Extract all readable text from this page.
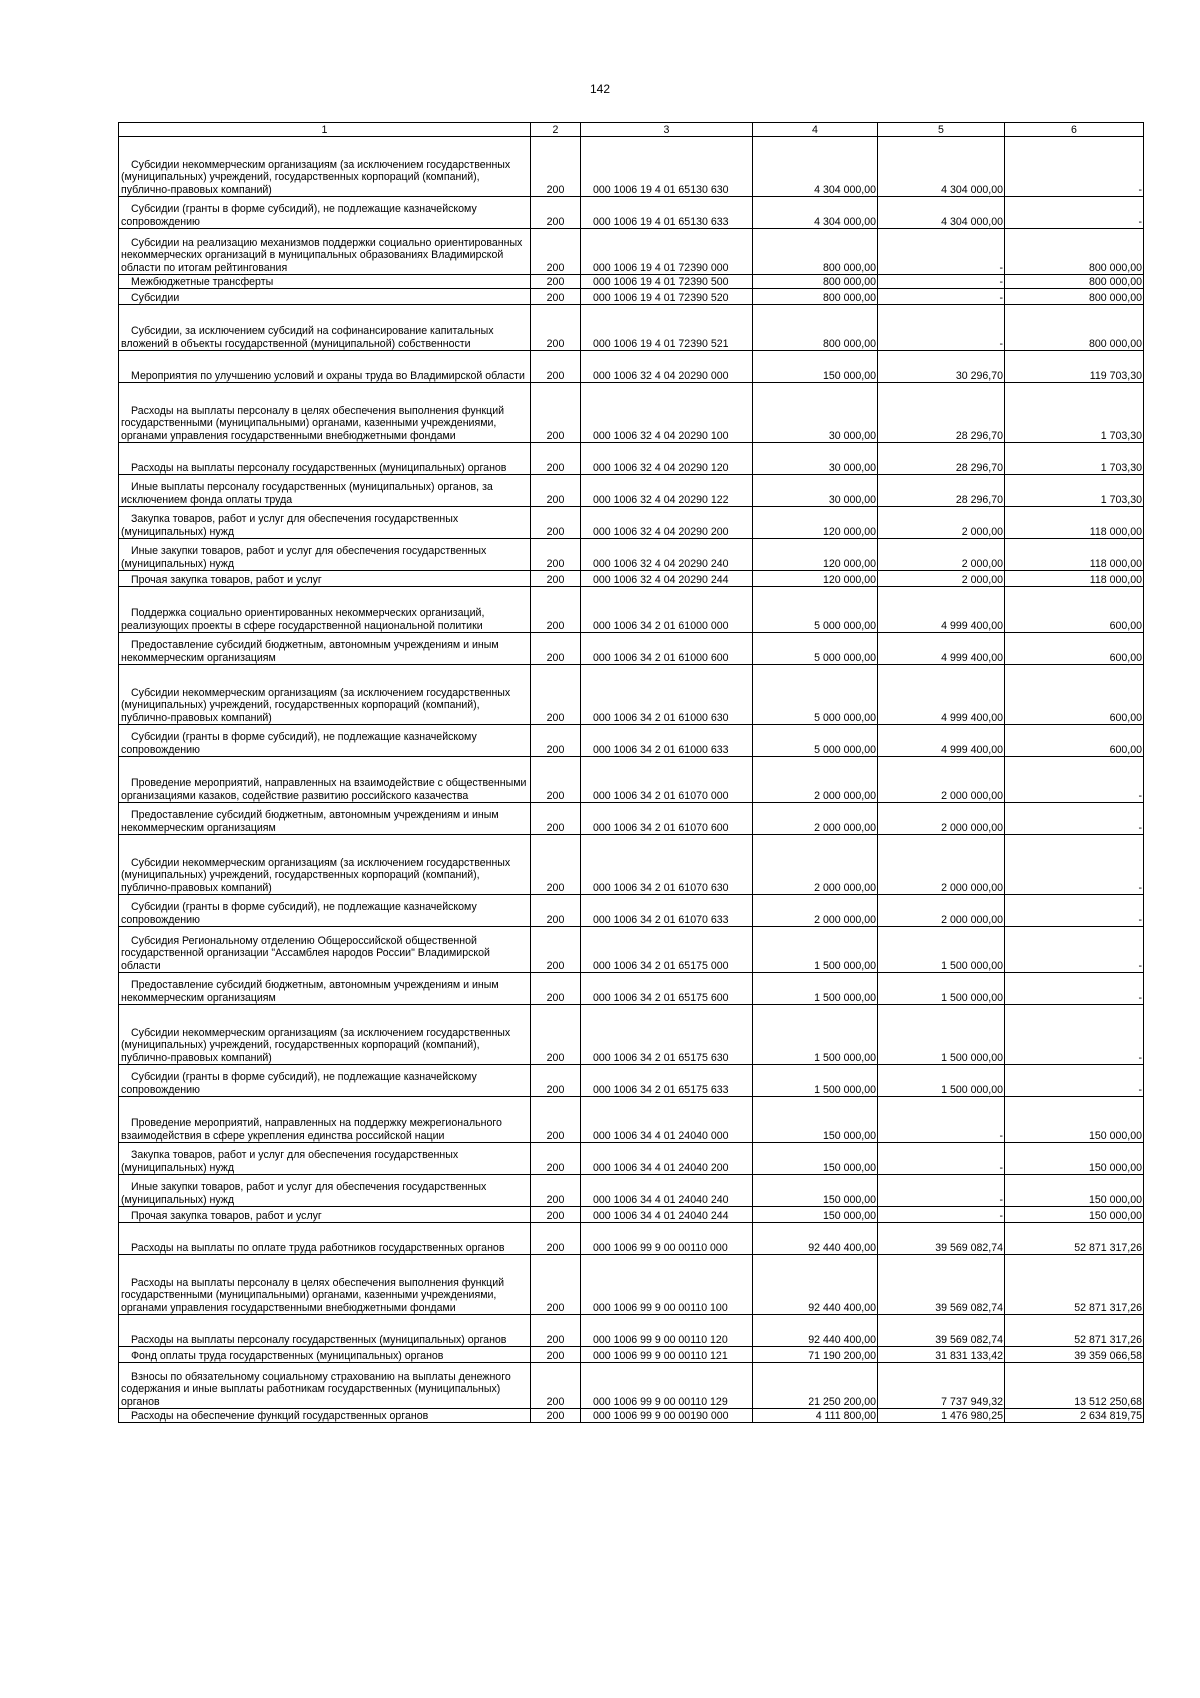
142
1	2	3	4	5	6

Субсидии некоммерческим организациям (за исключением государственных (муниципальных) учреждений, государственных корпораций (компаний), публично-правовых компаний)	200	000 1006 19 4 01 65130 630	4 304 000,00	4 304 000,00	-

Субсидии (гранты в форме субсидий), не подлежащие казначейскому сопровождению	200	000 1006 19 4 01 65130 633	4 304 000,00	4 304 000,00	-

Субсидии на реализацию механизмов поддержки социально ориентированных некоммерческих организаций в муниципальных образованиях Владимирской области по итогам рейтингования	200	000 1006 19 4 01 72390 000	800 000,00	-	800 000,00

Межбюджетные трансферты	200	000 1006 19 4 01 72390 500	800 000,00	-	800 000,00

Субсидии	200	000 1006 19 4 01 72390 520	800 000,00	-	800 000,00

Субсидии, за исключением субсидий на софинансирование капитальных вложений в объекты государственной (муниципальной) собственности	200	000 1006 19 4 01 72390 521	800 000,00	-	800 000,00

Мероприятия по улучшению условий и охраны труда во Владимирской области	200	000 1006 32 4 04 20290 000	150 000,00	30 296,70	119 703,30

Расходы на выплаты персоналу в целях обеспечения выполнения функций государственными (муниципальными) органами, казенными учреждениями, органами управления государственными внебюджетными фондами	200	000 1006 32 4 04 20290 100	30 000,00	28 296,70	1 703,30

Расходы на выплаты персоналу государственных (муниципальных) органов	200	000 1006 32 4 04 20290 120	30 000,00	28 296,70	1 703,30

Иные выплаты персоналу государственных (муниципальных) органов, за исключением фонда оплаты труда	200	000 1006 32 4 04 20290 122	30 000,00	28 296,70	1 703,30

Закупка товаров, работ и услуг для обеспечения государственных (муниципальных) нужд	200	000 1006 32 4 04 20290 200	120 000,00	2 000,00	118 000,00

Иные закупки товаров, работ и услуг для обеспечения государственных (муниципальных) нужд	200	000 1006 32 4 04 20290 240	120 000,00	2 000,00	118 000,00

Прочая закупка товаров, работ и услуг	200	000 1006 32 4 04 20290 244	120 000,00	2 000,00	118 000,00

Поддержка социально ориентированных некоммерческих организаций, реализующих проекты в сфере государственной национальной политики	200	000 1006 34 2 01 61000 000	5 000 000,00	4 999 400,00	600,00

Предоставление субсидий бюджетным, автономным учреждениям и иным некоммерческим организациям	200	000 1006 34 2 01 61000 600	5 000 000,00	4 999 400,00	600,00

Субсидии некоммерческим организациям (за исключением государственных (муниципальных) учреждений, государственных корпораций (компаний), публично-правовых компаний)	200	000 1006 34 2 01 61000 630	5 000 000,00	4 999 400,00	600,00

Субсидии (гранты в форме субсидий), не подлежащие казначейскому сопровождению	200	000 1006 34 2 01 61000 633	5 000 000,00	4 999 400,00	600,00

Проведение мероприятий, направленных на взаимодействие с общественными организациями казаков, содействие развитию российского казачества	200	000 1006 34 2 01 61070 000	2 000 000,00	2 000 000,00	-

Предоставление субсидий бюджетным, автономным учреждениям и иным некоммерческим организациям	200	000 1006 34 2 01 61070 600	2 000 000,00	2 000 000,00	-

Субсидии некоммерческим организациям (за исключением государственных (муниципальных) учреждений, государственных корпораций (компаний), публично-правовых компаний)	200	000 1006 34 2 01 61070 630	2 000 000,00	2 000 000,00	-

Субсидии (гранты в форме субсидий), не подлежащие казначейскому сопровождению	200	000 1006 34 2 01 61070 633	2 000 000,00	2 000 000,00	-

Субсидия Региональному отделению Общероссийской общественной государственной организации "Ассамблея народов России" Владимирской области	200	000 1006 34 2 01 65175 000	1 500 000,00	1 500 000,00	-

Предоставление субсидий бюджетным, автономным учреждениям и иным некоммерческим организациям	200	000 1006 34 2 01 65175 600	1 500 000,00	1 500 000,00	-

Субсидии некоммерческим организациям (за исключением государственных (муниципальных) учреждений, государственных корпораций (компаний), публично-правовых компаний)	200	000 1006 34 2 01 65175 630	1 500 000,00	1 500 000,00	-

Субсидии (гранты в форме субсидий), не подлежащие казначейскому сопровождению	200	000 1006 34 2 01 65175 633	1 500 000,00	1 500 000,00	-

Проведение мероприятий, направленных на поддержку межрегионального взаимодействия в сфере укрепления единства российской нации	200	000 1006 34 4 01 24040 000	150 000,00	-	150 000,00

Закупка товаров, работ и услуг для обеспечения государственных (муниципальных) нужд	200	000 1006 34 4 01 24040 200	150 000,00	-	150 000,00

Иные закупки товаров, работ и услуг для обеспечения государственных (муниципальных) нужд	200	000 1006 34 4 01 24040 240	150 000,00	-	150 000,00

Прочая закупка товаров, работ и услуг	200	000 1006 34 4 01 24040 244	150 000,00	-	150 000,00

Расходы на выплаты по оплате труда работников государственных органов	200	000 1006 99 9 00 00110 000	92 440 400,00	39 569 082,74	52 871 317,26

Расходы на выплаты персоналу в целях обеспечения выполнения функций государственными (муниципальными) органами, казенными учреждениями, органами управления государственными внебюджетными фондами	200	000 1006 99 9 00 00110 100	92 440 400,00	39 569 082,74	52 871 317,26

Расходы на выплаты персоналу государственных (муниципальных) органов	200	000 1006 99 9 00 00110 120	92 440 400,00	39 569 082,74	52 871 317,26

Фонд оплаты труда государственных (муниципальных) органов	200	000 1006 99 9 00 00110 121	71 190 200,00	31 831 133,42	39 359 066,58

Взносы по обязательному социальному страхованию на выплаты денежного содержания и иные выплаты работникам государственных (муниципальных) органов	200	000 1006 99 9 00 00110 129	21 250 200,00	7 737 949,32	13 512 250,68

Расходы на обеспечение функций государственных органов	200	000 1006 99 9 00 00190 000	4 111 800,00	1 476 980,25	2 634 819,75
